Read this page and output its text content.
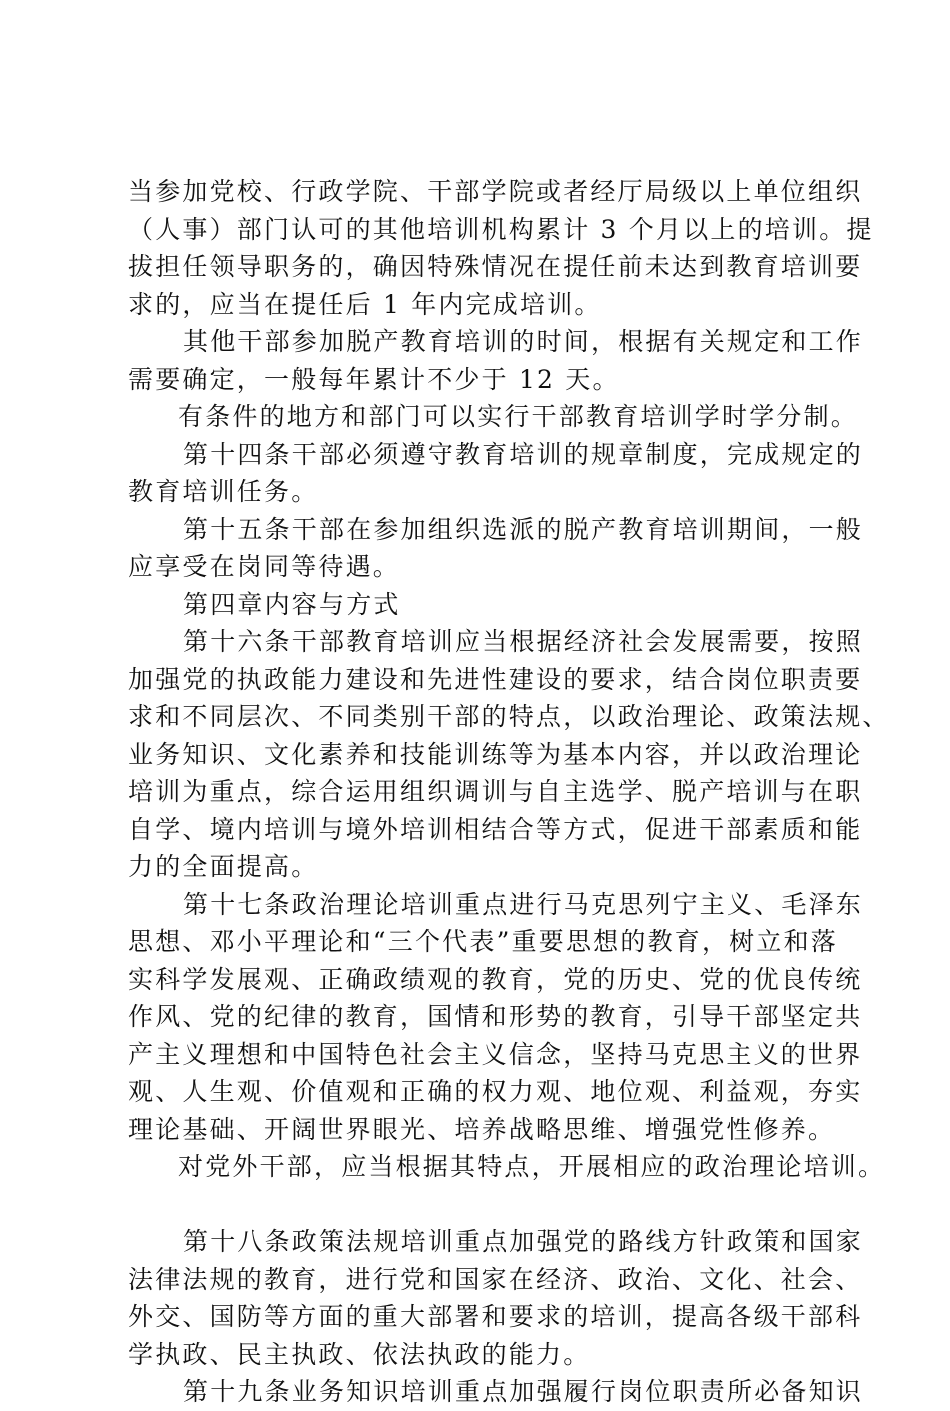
当参加党校、行政学院、干部学院或者经厅局级以上单位组织
（人事）部门认可的其他培训机构累计 3 个月以上的培训。提
拔担任领导职务的，确因特殊情况在提任前未达到教育培训要
求的，应当在提任后 1 年内完成培训。
其他干部参加脱产教育培训的时间，根据有关规定和工作
需要确定，一般每年累计不少于 12 天。
有条件的地方和部门可以实行干部教育培训学时学分制。
第十四条干部必须遵守教育培训的规章制度，完成规定的
教育培训任务。
第十五条干部在参加组织选派的脱产教育培训期间，一般
应享受在岗同等待遇。
第四章内容与方式
第十六条干部教育培训应当根据经济社会发展需要，按照
加强党的执政能力建设和先进性建设的要求，结合岗位职责要
求和不同层次、不同类别干部的特点，以政治理论、政策法规、
业务知识、文化素养和技能训练等为基本内容，并以政治理论
培训为重点，综合运用组织调训与自主选学、脱产培训与在职
自学、境内培训与境外培训相结合等方式，促进干部素质和能
力的全面提高。
第十七条政治理论培训重点进行马克思列宁主义、毛泽东
思想、邓小平理论和“三个代表”重要思想的教育，树立和落
实科学发展观、正确政绩观的教育，党的历史、党的优良传统
作风、党的纪律的教育，国情和形势的教育，引导干部坚定共
产主义理想和中国特色社会主义信念，坚持马克思主义的世界
观、人生观、价值观和正确的权力观、地位观、利益观，夯实
理论基础、开阔世界眼光、培养战略思维、增强党性修养。
对党外干部，应当根据其特点，开展相应的政治理论培训。
第十八条政策法规培训重点加强党的路线方针政策和国家
法律法规的教育，进行党和国家在经济、政治、文化、社会、
外交、国防等方面的重大部署和要求的培训，提高各级干部科
学执政、民主执政、依法执政的能力。
第十九条业务知识培训重点加强履行岗位职责所必备知识
